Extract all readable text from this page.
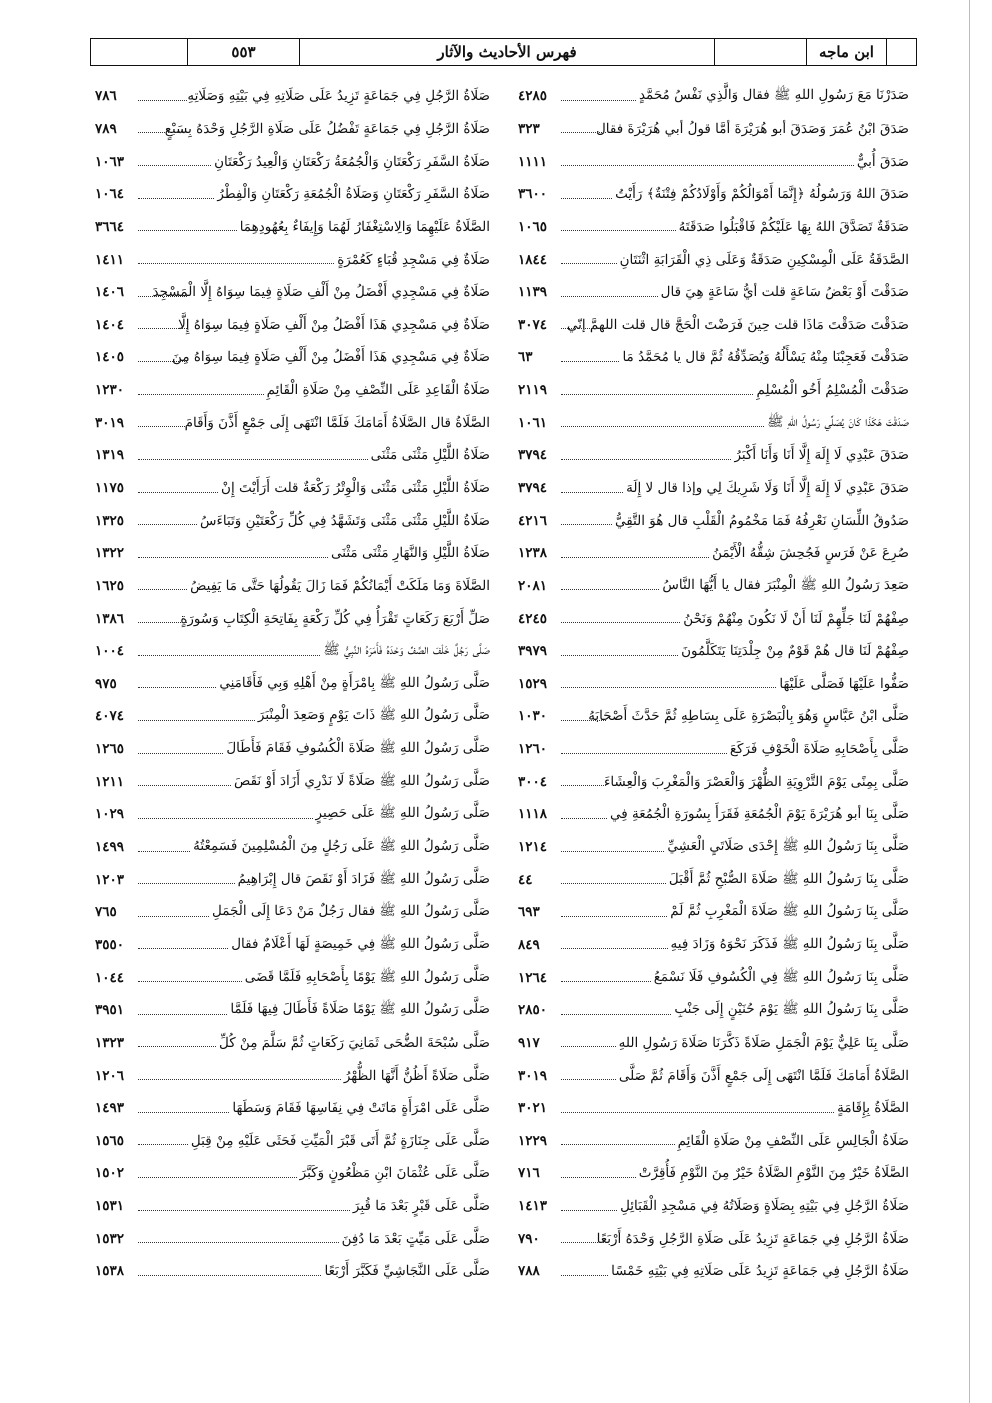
ابن ماجه
فهرس الأحاديث والآثار
٥٥٣
صَدَرْنَا مَعَ رَسُولِ اللهِ ﷺ فقال وَالَّذِي نَفْسُ مُحَمَّدٍ
٤٢٨٥
صَدَقَ ابْنُ عُمَرَ وَصَدَقَ أبو هُرَيْرَةَ أمَّا قولُ أبي هُرَيْرَةَ فقال
٣٢٣
صَدَقَ أُبيٌّ
١١١١
صَدَقَ اللهُ وَرَسُولُهُ ﴿إِنَّمَا أَمْوَالُكُمْ وَأَوْلَادُكُمْ فِتْنَةٌ﴾ رَأَيْتُ
٣٦٠٠
صَدَقَةٌ تَصَدَّقَ اللهُ بِهَا عَلَيْكُمْ فَاقْبَلُوا صَدَقَتَهُ
١٠٦٥
الصَّدَقَةُ عَلَى الْمِسْكِينِ صَدَقَةٌ وَعَلَى ذِي الْقَرَابَةِ اثْنَتَانِ
١٨٤٤
صَدَقْتَ أَوْ بَعْضُ سَاعَةٍ قلت أيُّ سَاعَةٍ هِيَ قال
١١٣٩
صَدَقْتَ صَدَقْتَ مَاذَا قلت حِينَ فَرَضْتَ الْحَجَّ قال قلت اللهمَّ إنّي
٣٠٧٤
صَدَقْتَ فَعَجِبْنَا مِنْهُ يَسْأَلُهُ وَيُصَدِّقُهُ ثُمَّ قال يا مُحَمَّدُ مَا
٦٣
صَدَقْتَ الْمُسْلِمُ أَخُو الْمُسْلِمِ
٢١١٩
صَدَقْتَ هَكَذَا كَانَ يُصَلِّي رَسُولُ اللهِ ﷺ
١٠٦١
صَدَقَ عَبْدِي لَا إِلَهَ إِلَّا أَنَا وَأَنَا أَكْبَرُ
٣٧٩٤
صَدَقَ عَبْدِي لَا إِلَهَ إِلَّا أَنَا وَلَا شَرِيكَ لِي وإذا قال لا إِلَهَ
٣٧٩٤
صَدُوقُ اللِّسَانِ نَعْرِفُهُ فَمَا مَخْمُومُ الْقَلْبِ قال هُوَ التَّقِيُّ
٤٢١٦
صُرِعَ عَنْ فَرَسٍ فَجُحِشَ شِقُّهُ الْأَيْمَنُ
١٢٣٨
صَعِدَ رَسُولُ اللهِ ﷺ الْمِنْبَرَ فقال يا أَيُّهَا النَّاسُ
٢٠٨١
صِفْهُمْ لَنَا جَلِّهِمْ لَنَا أَنْ لَا نَكُونَ مِنْهُمْ وَنَحْنُ
٤٢٤٥
صِفْهُمْ لَنَا قال هُمْ قَوْمٌ مِنْ جِلْدَتِنَا يَتَكَلَّمُونَ
٣٩٧٩
صَفُّوا عَلَيْهَا فَصَلَّى عَلَيْهَا
١٥٢٩
صَلَّى ابْنُ عَبَّاسٍ وَهُوَ بِالْبَصْرَةِ عَلَى بِسَاطِهِ ثُمَّ حَدَّثَ أَصْحَابَهُ
١٠٣٠
صَلَّى بِأَصْحَابِهِ صَلَاةَ الْخَوْفِ فَرَكَعَ
١٢٦٠
صَلَّى بِمِنًى يَوْمَ التَّرْوِيَةِ الظُّهْرَ وَالْعَصْرَ وَالْمَغْرِبَ وَالْعِشَاءَ
٣٠٠٤
صَلَّى بِنَا أبو هُرَيْرَةَ يَوْمَ الْجُمُعَةِ فَقَرَأَ بِسُورَةِ الْجُمُعَةِ فِي
١١١٨
صَلَّى بِنَا رَسُولُ اللهِ ﷺ إِحْدَى صَلَاتَيِ الْعَشِيِّ
١٢١٤
صَلَّى بِنَا رَسُولُ اللهِ ﷺ صَلَاةَ الصُّبْحِ ثُمَّ أَقْبَلَ
٤٤
صَلَّى بِنَا رَسُولُ اللهِ ﷺ صَلَاةَ الْمَغْرِبِ ثُمَّ لَمْ
٦٩٣
صَلَّى بِنَا رَسُولُ اللهِ ﷺ فَذَكَرَ نَحْوَهُ وَزَادَ فِيهِ
٨٤٩
صَلَّى بِنَا رَسُولُ اللهِ ﷺ فِي الْكُسُوفِ فَلَا نَسْمَعُ
١٢٦٤
صَلَّى بِنَا رَسُولُ اللهِ ﷺ يَوْمَ حُنَيْنٍ إِلَى جَنْبِ
٢٨٥٠
صَلَّى بِنَا عَلِيٌّ يَوْمَ الْجَمَلِ صَلَاةً ذَكَّرَنَا صَلَاةَ رَسُولِ اللهِ
٩١٧
الصَّلَاةُ أَمَامَكَ فَلَمَّا انْتَهَى إِلَى جَمْعٍ أَذَّنَ وَأَقَامَ ثُمَّ صَلَّى
٣٠١٩
الصَّلَاةُ بِإِقَامَةٍ
٣٠٢١
صَلَاةُ الْجَالِسِ عَلَى النِّصْفِ مِنْ صَلَاةِ الْقَائِمِ
١٢٢٩
الصَّلَاةُ خَيْرٌ مِنَ النَّوْمِ الصَّلَاةُ خَيْرٌ مِنَ النَّوْمِ فَأُقِرَّتْ
٧١٦
صَلَاةُ الرَّجُلِ فِي بَيْتِهِ بِصَلَاةٍ وَصَلَاتُهُ فِي مَسْجِدِ الْقَبَائِلِ
١٤١٣
صَلَاةُ الرَّجُلِ فِي جَمَاعَةٍ تَزِيدُ عَلَى صَلَاةِ الرَّجُلِ وَحْدَهُ أَرْبَعًا
٧٩٠
صَلَاةُ الرَّجُلِ فِي جَمَاعَةٍ تَزِيدُ عَلَى صَلَاتِهِ فِي بَيْتِهِ خَمْسًا
٧٨٨
صَلَاةُ الرَّجُلِ فِي جَمَاعَةٍ تَزِيدُ عَلَى صَلَاتِهِ فِي بَيْتِهِ وَصَلَاتِهِ
٧٨٦
صَلَاةُ الرَّجُلِ فِي جَمَاعَةٍ تَفْضُلُ عَلَى صَلَاةِ الرَّجُلِ وَحْدَهُ بِسَبْعٍ
٧٨٩
صَلَاةُ السَّفَرِ رَكْعَتَانِ وَالْجُمُعَةُ رَكْعَتَانِ وَالْعِيدُ رَكْعَتَانِ
١٠٦٣
صَلَاةُ السَّفَرِ رَكْعَتَانِ وَصَلَاةُ الْجُمُعَةِ رَكْعَتَانِ وَالْفِطْرُ
١٠٦٤
الصَّلَاةُ عَلَيْهِمَا وَالِاسْتِغْفَارُ لَهُمَا وَإِيفَاءٌ بِعُهُودِهِمَا
٣٦٦٤
صَلَاةٌ فِي مَسْجِدِ قُبَاءٍ كَعُمْرَةٍ
١٤١١
صَلَاةٌ فِي مَسْجِدِي أَفْضَلُ مِنْ أَلْفِ صَلَاةٍ فِيمَا سِوَاهُ إِلَّا الْمَسْجِدَ
١٤٠٦
صَلَاةٌ فِي مَسْجِدِي هَذَا أَفْضَلُ مِنْ أَلْفِ صَلَاةٍ فِيمَا سِوَاهُ إِلَّا
١٤٠٤
صَلَاةٌ فِي مَسْجِدِي هَذَا أَفْضَلُ مِنْ أَلْفِ صَلَاةٍ فِيمَا سِوَاهُ مِنَ
١٤٠٥
صَلَاةُ الْقَاعِدِ عَلَى النِّصْفِ مِنْ صَلَاةِ الْقَائِمِ
١٢٣٠
الصَّلَاةُ قال الصَّلَاةُ أَمَامَكَ فَلَمَّا انْتَهَى إِلَى جَمْعٍ أَذَّنَ وَأَقَامَ
٣٠١٩
صَلَاةُ اللَّيْلِ مَثْنَى مَثْنَى
١٣١٩
صَلَاةُ اللَّيْلِ مَثْنَى مَثْنَى وَالْوِتْرُ رَكْعَةٌ قلت أَرَأَيْتَ إِنْ
١١٧٥
صَلَاةُ اللَّيْلِ مَثْنَى مَثْنَى وَتَشَهَّدُ فِي كُلِّ رَكْعَتَيْنِ وَتَبَاءَسُ
١٣٢٥
صَلَاةُ اللَّيْلِ وَالنَّهَارِ مَثْنَى مَثْنَى
١٣٢٢
الصَّلَاةَ وَمَا مَلَكَتْ أَيْمَانُكُمْ فَمَا زَالَ يَقُولُهَا حَتَّى مَا يَفِيضُ
١٦٢٥
صَلِّ أَرْبَعَ رَكَعَاتٍ تَقْرَأُ فِي كُلِّ رَكْعَةٍ بِفَاتِحَةِ الْكِتَابِ وَسُورَةٍ
١٣٨٦
صَلَّى رَجُلٌ خَلْفَ الصَّفِّ وَحْدَهُ فَأَمَرَهُ النَّبِيُّ ﷺ
١٠٠٤
صَلَّى رَسُولُ اللهِ ﷺ بِامْرَأَةٍ مِنْ أَهْلِهِ وَبِي فَأَقَامَنِي
٩٧٥
صَلَّى رَسُولُ اللهِ ﷺ ذَاتَ يَوْمٍ وَصَعِدَ الْمِنْبَرَ
٤٠٧٤
صَلَّى رَسُولُ اللهِ ﷺ صَلَاةَ الْكُسُوفِ فَقَامَ فَأَطَالَ
١٢٦٥
صَلَّى رَسُولُ اللهِ ﷺ صَلَاةً لَا نَدْرِي أَزَادَ أَوْ نَقَصَ
١٢١١
صَلَّى رَسُولُ اللهِ ﷺ عَلَى حَصِيرٍ
١٠٢٩
صَلَّى رَسُولُ اللهِ ﷺ عَلَى رَجُلٍ مِنَ الْمُسْلِمِينَ فَسَمِعْتُهُ
١٤٩٩
صَلَّى رَسُولُ اللهِ ﷺ فَزَادَ أَوْ نَقَصَ قال إِبْرَاهِيمُ
١٢٠٣
صَلَّى رَسُولُ اللهِ ﷺ فقال رَجُلٌ مَنْ دَعَا إِلَى الْجَمَلِ
٧٦٥
صَلَّى رَسُولُ اللهِ ﷺ فِي خَمِيصَةٍ لَهَا أَعْلَامٌ فقال
٣٥٥٠
صَلَّى رَسُولُ اللهِ ﷺ يَوْمًا بِأَصْحَابِهِ فَلَمَّا قَضَى
١٠٤٤
صَلَّى رَسُولُ اللهِ ﷺ يَوْمًا صَلَاةً فَأَطَالَ فِيهَا فَلَمَّا
٣٩٥١
صَلَّى سُبْحَةَ الضُّحَى ثَمَانِيَ رَكَعَاتٍ ثُمَّ سَلَّمَ مِنْ كُلِّ
١٣٢٣
صَلَّى صَلَاةً أَظُنُّ أَنَّهَا الظُّهْرُ
١٢٠٦
صَلَّى عَلَى امْرَأَةٍ مَاتَتْ فِي نِفَاسِهَا فَقَامَ وَسَطَهَا
١٤٩٣
صَلَّى عَلَى جِنَازَةٍ ثُمَّ أَتَى قَبْرَ الْمَيِّتِ فَحَثَى عَلَيْهِ مِنْ قِبَلِ
١٥٦٥
صَلَّى عَلَى عُثْمَانَ ابْنِ مَظْعُونٍ وَكَبَّرَ
١٥٠٢
صَلَّى عَلَى قَبْرٍ بَعْدَ مَا قُبِرَ
١٥٣١
صَلَّى عَلَى مَيِّتٍ بَعْدَ مَا دُفِنَ
١٥٣٢
صَلَّى عَلَى النَّجَاشِيِّ فَكَبَّرَ أَرْبَعًا
١٥٣٨
